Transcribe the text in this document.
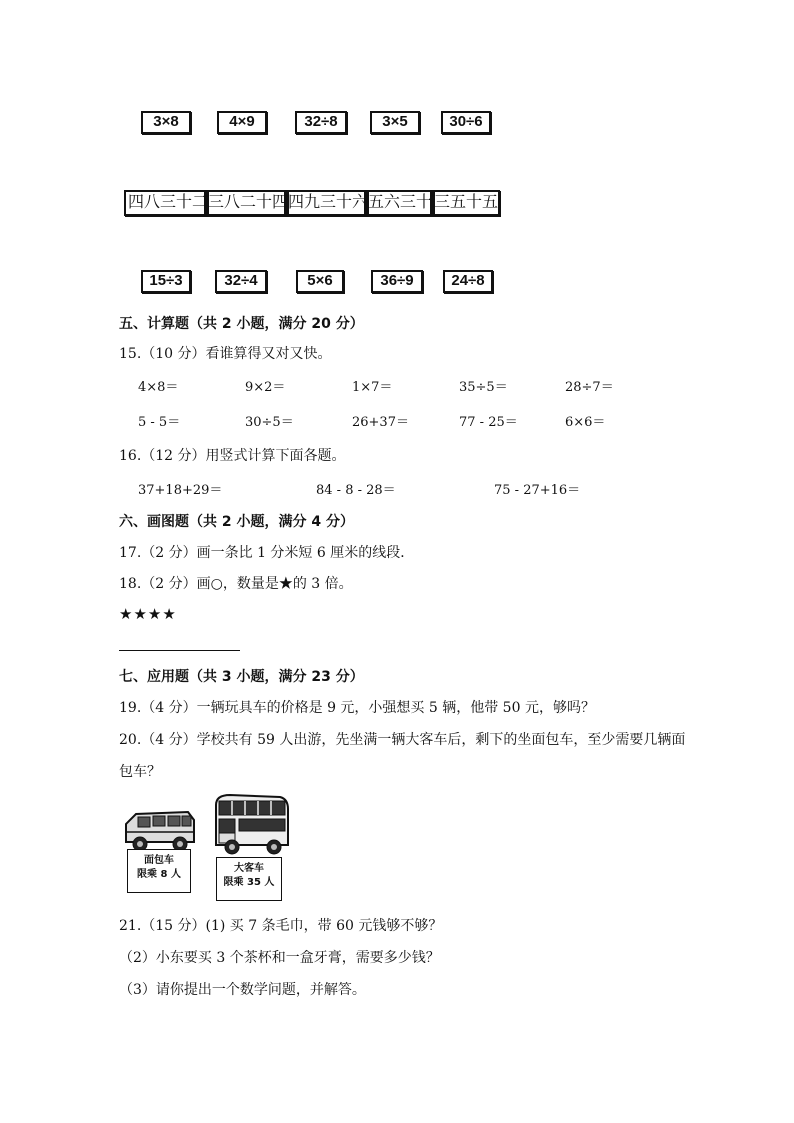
3×8	4×9	32÷8	3×5	30÷6
四八三十二 三八二十四 四九三十六 五六三十 三五十五
15÷3	32÷4	5×6	36÷9	24÷8
五、计算题（共 2 小题，满分 20 分）
15.（10 分）看谁算得又对又快。
4×8＝	9×2＝	1×7＝	35÷5＝	28÷7＝
5 - 5＝	30÷5＝	26+37＝	77 - 25＝	6×6＝
16.（12 分）用竖式计算下面各题。
37+18+29＝	84 - 8 - 28＝	75 - 27+16＝
六、画图题（共 2 小题，满分 4 分）
17.（2 分）画一条比 1 分米短 6 厘米的线段．
18.（2 分）画○，数量是★的 3 倍。
★★★★
七、应用题（共 3 小题，满分 23 分）
19.（4 分）一辆玩具车的价格是 9 元，小强想买 5 辆，他带 50 元，够吗？
20.（4 分）学校共有 59 人出游，先坐满一辆大客车后，剩下的坐面包车，至少需要几辆面
包车？
面包车
限乘 8 人
大客车
限乘 35 人
21.（15 分）(1) 买 7 条毛巾，带 60 元钱够不够？
（2）小东要买 3 个茶杯和一盒牙膏，需要多少钱？
（3）请你提出一个数学问题，并解答。
